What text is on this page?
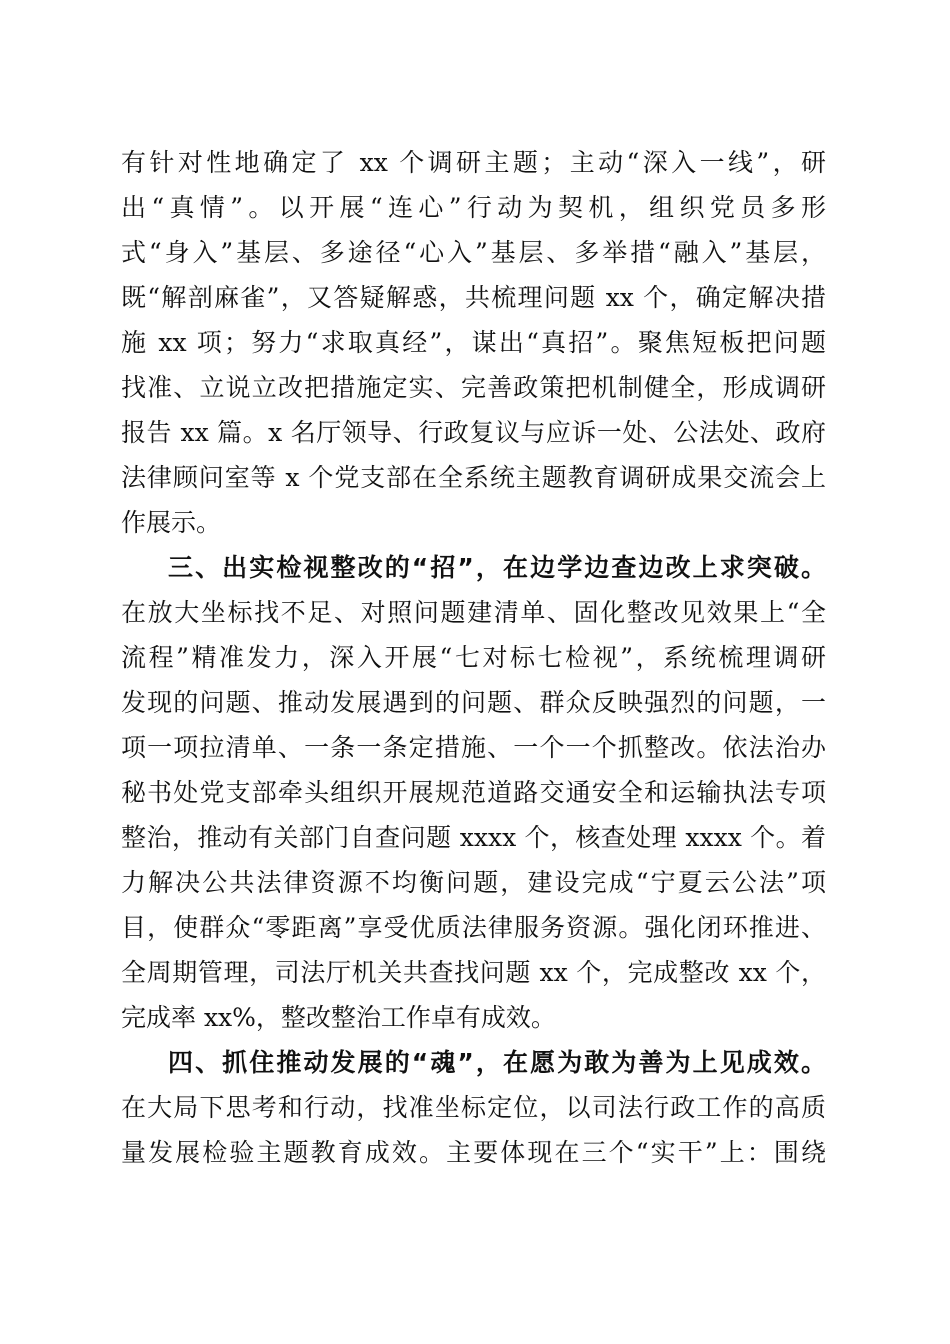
有针对性地确定了 xx 个调研主题；主动“深入一线”，研
出“真情”。以开展“连心”行动为契机，组织党员多形
式“身入”基层、多途径“心入”基层、多举措“融入”基层，
既“解剖麻雀”，又答疑解惑，共梳理问题 xx 个，确定解决措
施 xx 项；努力“求取真经”，谋出“真招”。聚焦短板把问题
找准、立说立改把措施定实、完善政策把机制健全，形成调研
报告 xx 篇。x 名厅领导、行政复议与应诉一处、公法处、政府
法律顾问室等 x 个党支部在全系统主题教育调研成果交流会上
作展示。
三、出实检视整改的“招”，在边学边查边改上求突破。
在放大坐标找不足、对照问题建清单、固化整改见效果上“全
流程”精准发力，深入开展“七对标七检视”，系统梳理调研
发现的问题、推动发展遇到的问题、群众反映强烈的问题，一
项一项拉清单、一条一条定措施、一个一个抓整改。依法治办
秘书处党支部牵头组织开展规范道路交通安全和运输执法专项
整治，推动有关部门自查问题 xxxx 个，核查处理 xxxx 个。着
力解决公共法律资源不均衡问题，建设完成“宁夏云公法”项
目，使群众“零距离”享受优质法律服务资源。强化闭环推进、
全周期管理，司法厅机关共查找问题 xx 个，完成整改 xx 个，
完成率 xx%，整改整治工作卓有成效。
四、抓住推动发展的“魂”，在愿为敢为善为上见成效。
在大局下思考和行动，找准坐标定位，以司法行政工作的高质
量发展检验主题教育成效。主要体现在三个“实干”上：围绕
